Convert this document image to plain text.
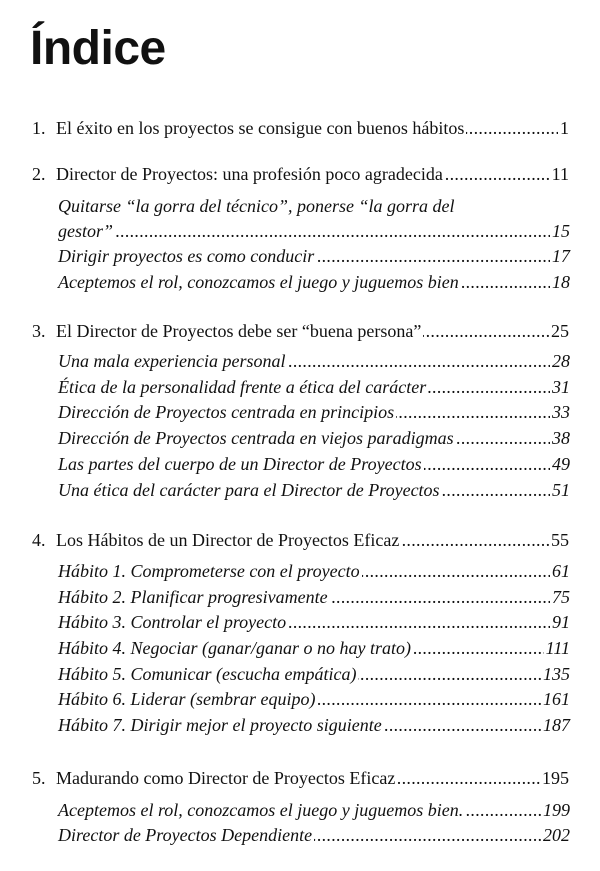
Índice
1. ..... El éxito en los proyectos se consigue con buenos hábitos	1
2. ..... Director de Proyectos: una profesión poco agradecida	11
Quitarse “la gorra del técnico”, ponerse “la gorra del
.....
gestor”	15
.....
Dirigir proyectos es como conducir	17
.....
Aceptemos el rol, conozcamos el juego y juguemos bien	18
3. ..... El Director de Proyectos debe ser “buena persona”	25
.....
Una mala experiencia personal	28
.....
Ética de la personalidad frente a ética del carácter	31
.....
Dirección de Proyectos centrada en principios	33
.....
Dirección de Proyectos centrada en viejos paradigmas	38
.....
Las partes del cuerpo de un Director de Proyectos	49
.....
Una ética del carácter para el Director de Proyectos	51
4. ..... Los Hábitos de un Director de Proyectos Eficaz	55
.....
Hábito 1. Comprometerse con el proyecto	61
.....
Hábito 2. Planificar progresivamente	75
.....
Hábito 3. Controlar el proyecto	91
.....
Hábito 4. Negociar (ganar/ganar o no hay trato)	111
.....
Hábito 5. Comunicar (escucha empática)	135
.....
Hábito 6. Liderar (sembrar equipo)	161
.....
Hábito 7. Dirigir mejor el proyecto siguiente	187
5. ..... Madurando como Director de Proyectos Eficaz	195
.....
Aceptemos el rol, conozcamos el juego y juguemos bien.	199
.....
Director de Proyectos Dependiente	202
